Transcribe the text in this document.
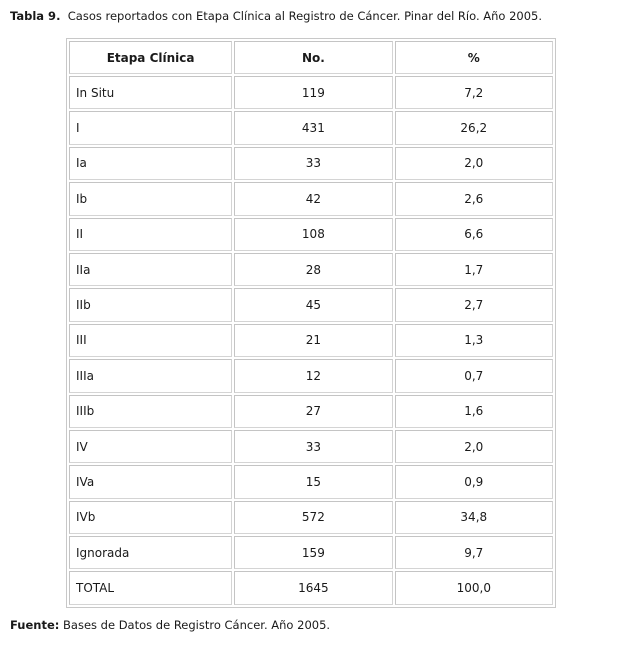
Tabla 9. Casos reportados con Etapa Clínica al Registro de Cáncer. Pinar del Río. Año 2005.
Etapa Clínica	No.	%
In Situ	119	7,2
I	431	26,2
Ia	33	2,0
Ib	42	2,6
II	108	6,6
IIa	28	1,7
IIb	45	2,7
III	21	1,3
IIIa	12	0,7
IIIb	27	1,6
IV	33	2,0
IVa	15	0,9
IVb	572	34,8
Ignorada	159	9,7
TOTAL	1645	100,0
Fuente: Bases de Datos de Registro Cáncer. Año 2005.
